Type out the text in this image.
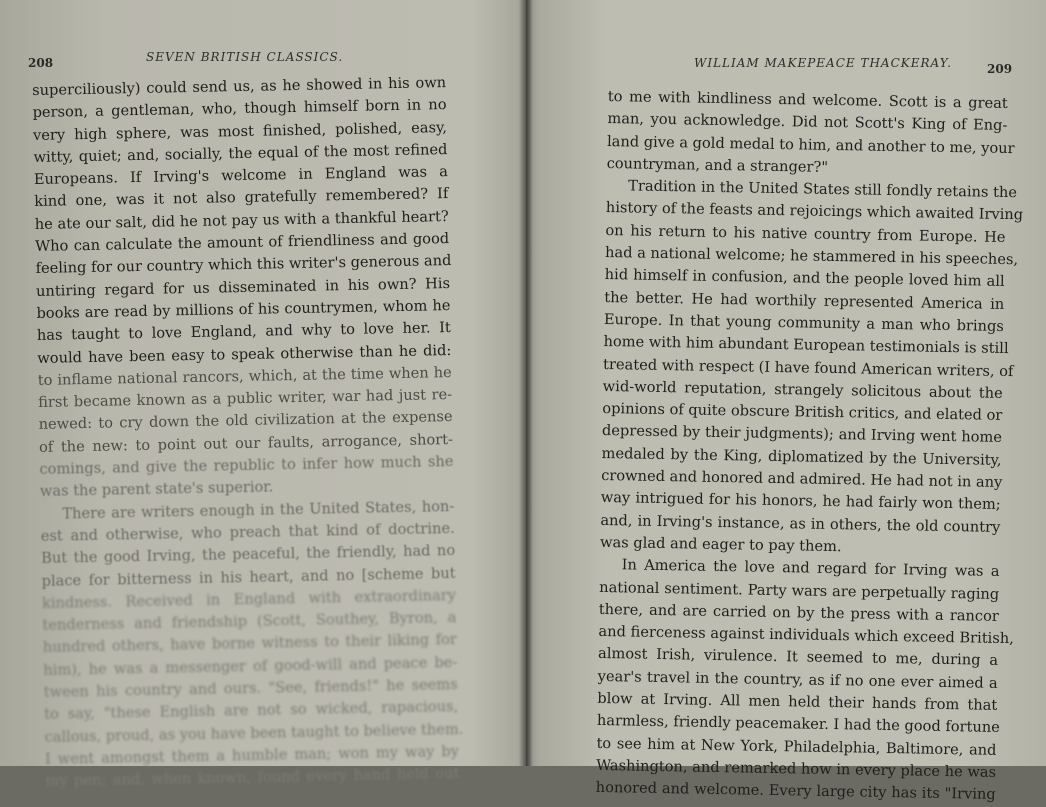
208	SEVEN BRITISH CLASSICS.
superciliously) could send us, as he showed in his own
person, a gentleman, who, though himself born in no
very high sphere, was most finished, polished, easy,
witty, quiet; and, socially, the equal of the most refined
Europeans. If Irving's welcome in England was a
kind one, was it not also gratefully remembered? If
he ate our salt, did he not pay us with a thankful heart?
Who can calculate the amount of friendliness and good
feeling for our country which this writer's generous and
untiring regard for us disseminated in his own? His
books are read by millions of his countrymen, whom he
has taught to love England, and why to love her. It
would have been easy to speak otherwise than he did:
to inflame national rancors, which, at the time when he
first became known as a public writer, war had just re-
newed: to cry down the old civilization at the expense
of the new: to point out our faults, arrogance, short-
comings, and give the republic to infer how much she
was the parent state's superior.
There are writers enough in the United States, hon-
est and otherwise, who preach that kind of doctrine.
But the good Irving, the peaceful, the friendly, had no
place for bitterness in his heart, and no [scheme but
kindness. Received in England with extraordinary
tenderness and friendship (Scott, Southey, Byron, a
hundred others, have borne witness to their liking for
him), he was a messenger of good-will and peace be-
tween his country and ours. "See, friends!" he seems
to say, "these English are not so wicked, rapacious,
callous, proud, as you have been taught to believe them.
I went amongst them a humble man; won my way by
my pen; and, when known, found every hand held out
WILLIAM MAKEPEACE THACKERAY.	209
to me with kindliness and welcome. Scott is a great
man, you acknowledge. Did not Scott's King of Eng-
land give a gold medal to him, and another to me, your
countryman, and a stranger?"
Tradition in the United States still fondly retains the
history of the feasts and rejoicings which awaited Irving
on his return to his native country from Europe. He
had a national welcome; he stammered in his speeches,
hid himself in confusion, and the people loved him all
the better. He had worthily represented America in
Europe. In that young community a man who brings
home with him abundant European testimonials is still
treated with respect (I have found American writers, of
wid-world reputation, strangely solicitous about the
opinions of quite obscure British critics, and elated or
depressed by their judgments); and Irving went home
medaled by the King, diplomatized by the University,
crowned and honored and admired. He had not in any
way intrigued for his honors, he had fairly won them;
and, in Irving's instance, as in others, the old country
was glad and eager to pay them.
In America the love and regard for Irving was a
national sentiment. Party wars are perpetually raging
there, and are carried on by the press with a rancor
and fierceness against individuals which exceed British,
almost Irish, virulence. It seemed to me, during a
year's travel in the country, as if no one ever aimed a
blow at Irving. All men held their hands from that
harmless, friendly peacemaker. I had the good fortune
to see him at New York, Philadelphia, Baltimore, and
Washington, and remarked how in every place he was
honored and welcome. Every large city has its "Irving
